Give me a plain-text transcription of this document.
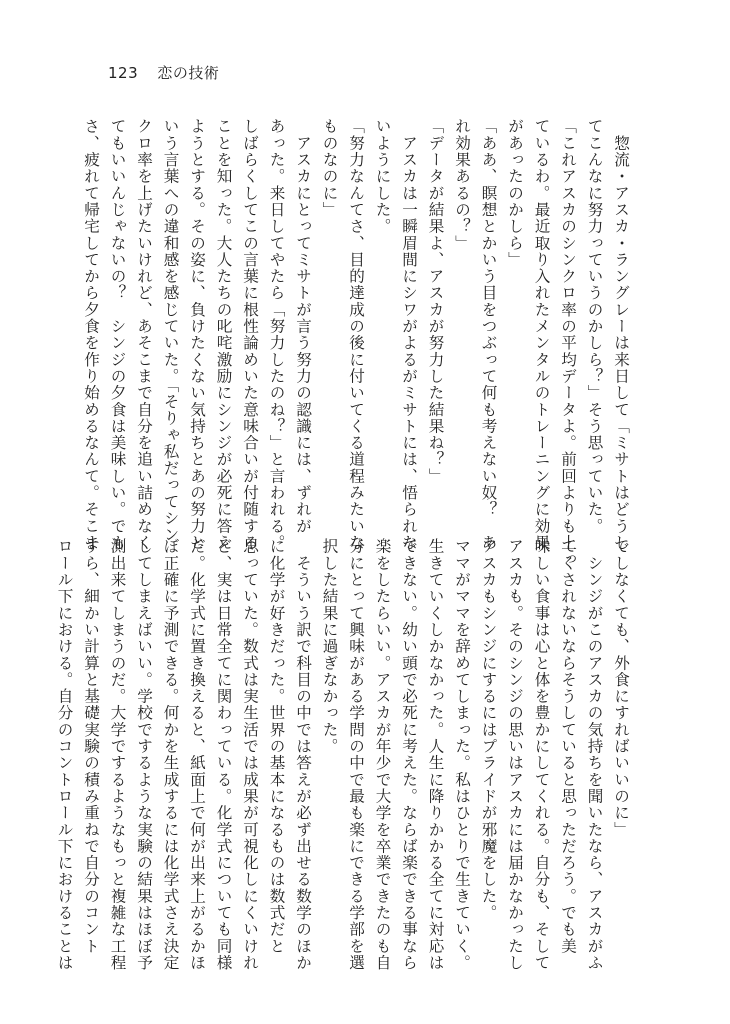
123 恋の技術
　惣流・アスカ・ラングレーは来日して「ミサトはどうし
てこんなに努力っていうのかしら？」そう思っていた。
「これアスカのシンクロ率の平均データよ。前回よりも上っ
ているわ。最近取り入れたメンタルのトレーニングに効果
があったのかしら」
「ああ、瞑想とかいう目をつぶって何も考えない奴？　あ
れ効果あるの？」
「データが結果よ、アスカが努力した結果ね？」
　アスカは一瞬眉間にシワがよるがミサトには、悟られな
いようにした。
「努力なんてさ、目的達成の後に付いてくる道程みたいな
ものなのに」
　アスカにとってミサトが言う努力の認識には、ずれが
あった。来日してやたら「努力したのね？」と言われる。
しばらくしてこの言葉に根性論めいた意味合いが付随する
ことを知った。大人たちの叱咤激励にシンジが必死に答え
ようとする。その姿に、負けたくない気持ちとあの努力と
いう言葉への違和感を感じていた。「そりゃ私だってシン
クロ率を上げたいけれど、あそこまで自分を追い詰めなく
てもいいんじゃないの？　シンジの夕食は美味しい。でも
さ、疲れて帰宅してから夕食を作り始めるなんて。そこま
でしなくても、外食にすればいいのに」
　シンジがこのアスカの気持ちを聞いたなら、アスカがふ
てくされないならそうしていると思っただろう。でも美
味しい食事は心と体を豊かにしてくれる。自分も、そして
アスカも。そのシンジの思いはアスカには届かなかったし
アスカもシンジにするにはプライドが邪魔をした。
ママがママを辞めてしまった。私はひとりで生きていく。
生きていくしかなかった。人生に降りかかる全てに対応は
できない。幼い頭で必死に考えた。ならば楽できる事なら
楽をしたらいい。アスカが年少で大学を卒業できたのも自
分にとって興味がある学問の中で最も楽にできる学部を選
択した結果に過ぎなかった。
　そういう訳で科目の中では答えが必ず出せる数学のほか
に化学が好きだった。世界の基本になるものは数式だと
思っていた。数式は実生活では成果が可視化しにくいけれ
ど、実は日常全てに関わっている。化学式についても同様
だ。化学式に置き換えると、紙面上で何が出来上がるかほ
ぼ正確に予測できる。何かを生成するには化学式さえ決定
してしまえばいい。学校でするような実験の結果はほぼ予
測出来てしまうのだ。大学でするようなもっと複雑な工程
すら、細かい計算と基礎実験の積み重ねで自分のコント
ロール下における。自分のコントロール下におけることは
